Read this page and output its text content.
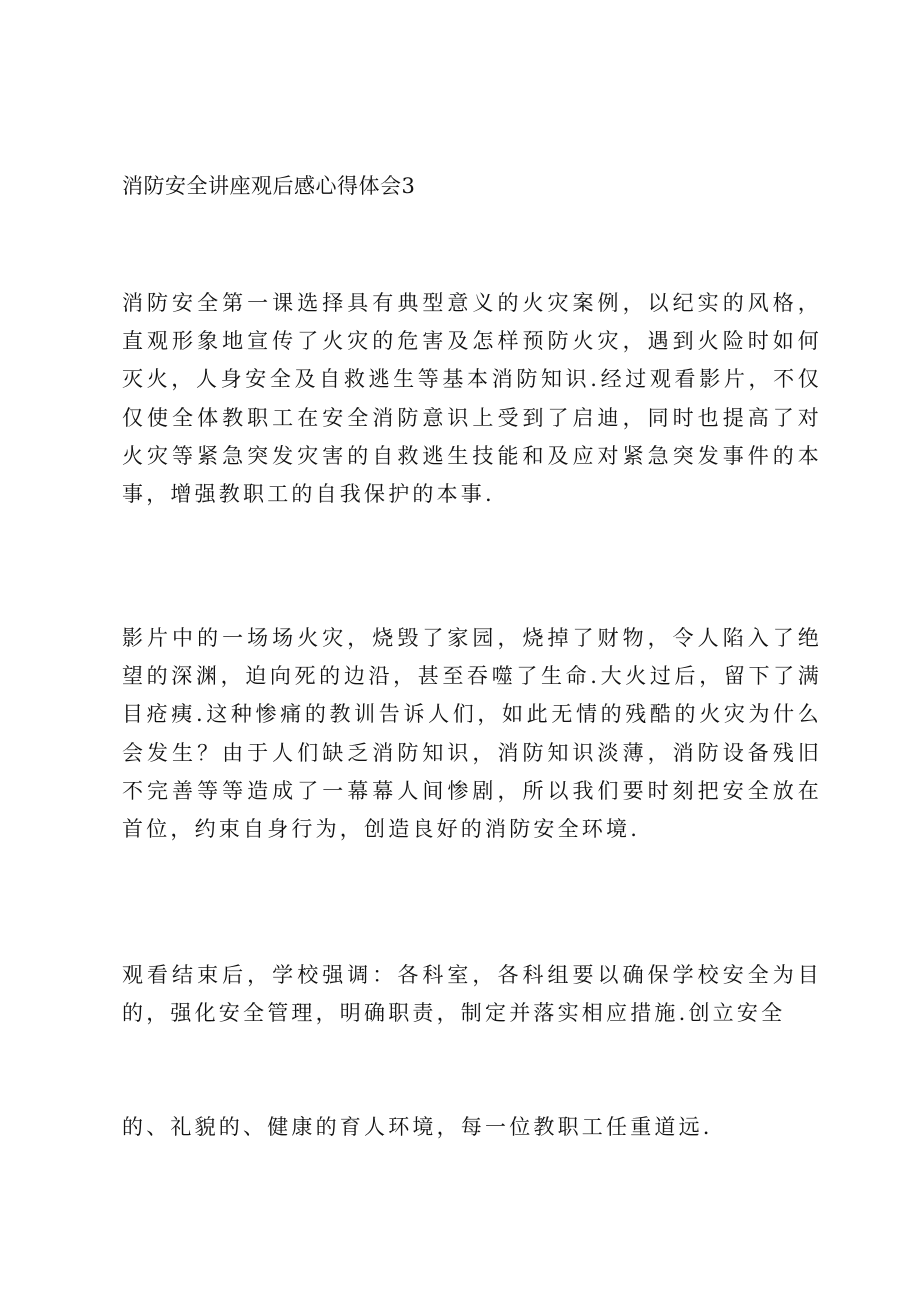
消防安全讲座观后感心得体会3

消防安全第一课选择具有典型意义的火灾案例，以纪实的风格，直观形象地宣传了火灾的危害及怎样预防火灾，遇到火险时如何灭火，人身安全及自救逃生等基本消防知识.经过观看影片，不仅仅使全体教职工在安全消防意识上受到了启迪，同时也提高了对火灾等紧急突发灾害的自救逃生技能和及应对紧急突发事件的本事，增强教职工的自我保护的本事.

影片中的一场场火灾，烧毁了家园，烧掉了财物，令人陷入了绝望的深渊，迫向死的边沿，甚至吞噬了生命.大火过后，留下了满目疮痍.这种惨痛的教训告诉人们，如此无情的残酷的火灾为什么会发生？由于人们缺乏消防知识，消防知识淡薄，消防设备残旧不完善等等造成了一幕幕人间惨剧，所以我们要时刻把安全放在首位，约束自身行为，创造良好的消防安全环境.

观看结束后，学校强调：各科室，各科组要以确保学校安全为目的，强化安全管理，明确职责，制定并落实相应措施.创立安全

的、礼貌的、健康的育人环境，每一位教职工任重道远.
